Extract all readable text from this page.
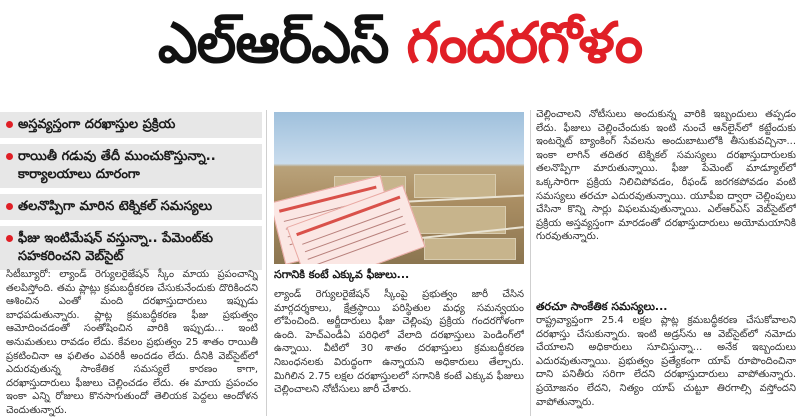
ఎల్ఆర్ఎస్ గందరగోళం
అస్తవ్యస్తంగా దరఖాస్తుల ప్రక్రియ
రాయితీ గడువు తేదీ ముంచుకొస్తున్నా.. కార్యాలయాలు దూరంగా
తలనొప్పిగా మారిన టెక్నికల్ సమస్యలు
ఫీజు ఇంటిమేషన్ వస్తున్నా.. పేమెంట్‌కు సహకరించని వెబ్‌సైట్
సిటీబ్యూరో: ల్యాండ్ రెగ్యులరైజేషన్ స్కీం మాయ ప్రపంచాన్ని తలపిస్తోంది. తమ ప్లాట్లు క్రమబద్ధీకరణ చేసుకునేందుకు దొరికిందని ఆశించిన ఎంతో మంది దరఖాస్తుదారులు ఇప్పుడు బాధపడుతున్నారు. ప్లాట్ల క్రమబద్ధీకరణ ఫీజు ప్రభుత్వం ఆమోదించడంతో సంతోషించిన వారికి ఇప్పుడు... ఇంటి అనుమతులు రావడం లేదు. కేవలం ప్రభుత్వం 25 శాతం రాయితీ ప్రకటించినా ఆ ఫలితం ఎవరికీ అందడం లేదు. దీనికి వెబ్‌సైట్‌లో ఎదురవుతున్న సాంకేతిక సమస్యలే కారణం కాగా, దరఖాస్తుదారులు ఫీజులు చెల్లించడం లేదు. ఈ మాయ ప్రపంచం ఇంకా ఎన్ని రోజులు కొనసాగుతుందో తెలియక పెద్దలు ఆందోళన చెందుతున్నారు.
సగానికి కంటే ఎక్కువ ఫీజులు...
ల్యాండ్ రెగ్యులరైజేషన్ స్కీంపై ప్రభుత్వం జారీ చేసిన మార్గదర్శకాలు, క్షేత్రస్థాయి పరిస్థితుల మధ్య సమన్వయం లోపించింది. అర్జీదారులు ఫీజు చెల్లింపు ప్రక్రియ గందరగోళంగా ఉంది. హెచ్ఎండీఏ పరిధిలో వేలాది దరఖాస్తులు పెండింగ్‌లో ఉన్నాయి. వీటిలో 30 శాతం దరఖాస్తులు క్రమబద్ధీకరణ నిబంధనలకు విరుద్ధంగా ఉన్నాయని అధికారులు తేల్చారు. మిగిలిన 2.75 లక్షల దరఖాస్తులలో సగానికి కంటే ఎక్కువ ఫీజులు చెల్లించాలని నోటీసులు జారీ చేశారు.
చెల్లించాలని నోటీసులు అందుకున్న వారికి ఇబ్బందులు తప్పడం లేదు. ఫీజులు చెల్లించేందుకు ఇంటి నుంచే ఆన్‌లైన్‌లో కట్టేందుకు ఇంటర్నెట్ బ్యాంకింగ్ సేవలను అందుబాటులోకి తీసుకువచ్చినా... ఇంకా లాగిన్ తదితర టెక్నికల్ సమస్యలు దరఖాస్తుదారులకు తలనొప్పిగా మారుతున్నాయి. ఫీజు పేమెంట్ మాడ్యూల్‌లో ఒక్కసారిగా ప్రక్రియ నిలిచిపోవడం, రీఫండ్ జరగకపోవడం వంటి సమస్యలు తరచూ ఎదురవుతున్నాయి. యూపీఐ ద్వారా చెల్లింపులు చేసినా కొన్ని సార్లు విఫలమవుతున్నాయి. ఎల్ఆర్ఎస్ వెబ్‌సైట్‌లో ప్రక్రియ అస్తవ్యస్తంగా మారడంతో దరఖాస్తుదారులు అయోమయానికి గురవుతున్నారు.
తరచూ సాంకేతిక సమస్యలు...
రాష్ట్రవ్యాప్తంగా 25.4 లక్షల ప్లాట్ల క్రమబద్ధీకరణ చేసుకోవాలని దరఖాస్తు చేసుకున్నారు. ఇంటి అడ్రస్‌ను ఆ వెబ్‌సైట్‌లో నమోదు చేయాలని అధికారులు సూచిస్తున్నా... అనేక ఇబ్బందులు ఎదురవుతున్నాయి. ప్రభుత్వం ప్రత్యేకంగా యాప్ రూపొందించినా దాని పనితీరు సరిగా లేదని దరఖాస్తుదారులు వాపోతున్నారు. ప్రయోజనం లేదని, నిత్యం యాప్ చుట్టూ తిరగాల్సి వస్తోందని వాపోతున్నారు.
